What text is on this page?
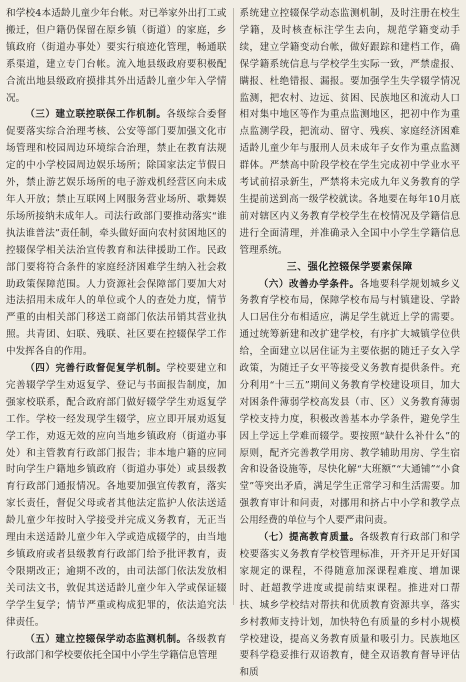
和学校4本适龄儿童少年台帐。对已举家外出打工或搬迁，但户籍仍保留在原乡镇（街道）的家庭，乡镇政府（街道办事处）要实行痕迹化管理，畅通联系渠道，建立专门台帐。流入地县级政府要积极配合流出地县级政府摸排其外出适龄儿童少年入学情况。

（三）建立联控联保工作机制。各级综合委督促要落实综合治理考核、公安等部门要加强文化市场管理和校园周边环境综合治理，禁止在教育法规定的中小学校园周边娱乐场所；除国家法定节假日外，禁止游艺娱乐场所的电子游戏机经营区向未成年人开放；禁止互联网上网服务营业场所、歌舞娱乐场所接纳未成年人。司法行政部门要推动落实“谁执法谁普法”责任制，牵头做好面向农村贫困地区的控辍保学相关法治宣传教育和法律援助工作。民政部门要将符合条件的家庭经济困难学生纳入社会救助政策保障范围。人力资源社会保障部门要加大对违法招用未成年人的单位或个人的查处力度，情节严重的由相关部门移送工商部门依法吊销其营业执照。共青团、妇联、残联、社区要在控辍保学工作中发挥各自的作用。

（四）完善行政督促复学机制。学校要建立和完善辍学学生劝返复学、登记与书面报告制度，加强家校联系，配合政府部门做好辍学学生劝返复学工作。学校一经发现学生辍学，应立即开展劝返复学工作，劝返无效的应向当地乡镇政府（街道办事处）和主管教育行政部门报告；非本地户籍的应同时向学生户籍地乡镇政府（街道办事处）或县级教育行政部门通报情况。各地要加强宣传教育，落实家长责任，督促父母或者其他法定监护人依法送适龄儿童少年按时入学接受并完成义务教育，无正当理由未送适龄儿童少年入学或造成辍学的，由当地乡镇政府或者县级教育行政部门给予批评教育，责令限期改正；逾期不改的，由司法部门依法发放相关司法文书，敦促其送适龄儿童少年入学或保证辍学学生复学；情节严重或构成犯罪的，依法追究法律责任。

（五）建立控辍保学动态监测机制。各级教育行政部门和学校要依托全国中小学生学籍信息管理

系统建立控辍保学动态监测机制，及时注册在校生学籍，及时核查标注学生去向，规范学籍变动手续，建立学籍变动台帐，做好跟踪和建档工作，确保学籍系统信息与学校学生实际一致，严禁虚报、瞒报、杜绝错报、漏报。要加强学生失学辍学情况监测，把农村、边远、贫困、民族地区和流动人口相对集中地区等作为重点监测地区，把初中作为重点监测学段，把流动、留守、残疾、家庭经济困难适龄儿童少年与服刑人员未成年子女作为重点监测群体。严禁高中阶段学校在学生完成初中学业水平考试前招录新生，严禁将未完成九年义务教育的学生提前送到高一级学校就读。各地要在每年10月底前对辖区内义务教育学校学生在校情况及学籍信息进行全面清理，并准确录入全国中小学生学籍信息管理系统。

三、强化控辍保学要素保障

（六）改善办学条件。各地要科学规划城乡义务教育学校布局，保障学校布局与村镇建设、学龄人口居住分布相适应，满足学生就近上学的需要。通过统筹新建和改扩建学校，有序扩大城镇学位供给，全面建立以居住证为主要依据的随迁子女入学政策，为随迁子女平等接受义务教育提供条件。充分利用“十三五”期间义务教育学校建设项目，加大对困条件薄弱学校高发县（市、区）义务教育薄弱学校支持力度，积极改善基本办学条件，避免学生因上学远上学难而辍学。要按照“缺什么补什么”的原则，配齐完善教学用房、教学辅助用房、学生宿舍和设备设施等，尽快化解“大班额”“大通铺”“小食堂”等突出矛盾，满足学生正常学习和生活需要。加强教育审计和问责，对挪用和挤占中小学和教学点公用经费的单位与个人要严肃问责。

（七）提高教育质量。各级教育行政部门和学校要落实义务教育学校管理标准，开齐开足开好国家规定的课程，不得随意加深课程难度、增加课时、赶超教学进度或提前结束课程。推进对口帮扶、城乡学校结对帮扶和优质教育资源共享，落实乡村教师支持计划，加快特色有质量的乡村小规模学校建设，提高义务教育质量和吸引力。民族地区要科学稳妥推行双语教育，健全双语教育督导评估和质
